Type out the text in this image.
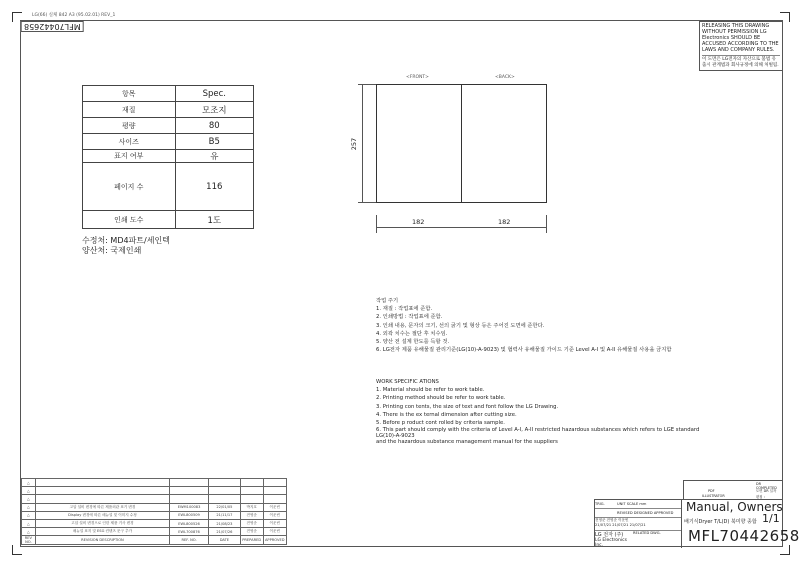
LG(66) 실체 842 A3 (95.02.01) REV_1
MFL70442658	RELEASING THIS DRAWING WITHOUT PERMISSION LG Electronics SHOULD BE ACCUSED ACCORDING TO THE LAWS AND COMPANY RULES.
이 도면은 LG전자의 자산으로 불법 유출시 관계법과 회사규정에 의해 처벌됨.
항목	Spec.
재질	모조지
평량	80
사이즈	B5
표지 여부	유
페이지 수	116
인쇄 도수	1도
수정처: MD4파트/세인텍
양산처: 국제인쇄
<FRONT>	<BACK>
257
182	182
작업 주기
1. 재질 : 작업표에 준함.
2. 인쇄방법 : 작업표에 준함.
3. 인쇄 내용, 문자의 크기, 선의 굵기 및 형상 등은 주어진 도면에 준한다.
4. 외곽 치수는 절단 후 치수임.
5. 양산 전 설계 한도를 득할 것.
6. LG전자 제품 유해물질 관리기준(LG(10)-A-9023) 및 협력사 유해물질 가이드 기준 Level A-I 및 A-II 유해물질 사용을 금지함
WORK SPECIFIC ATIONS
1. Material should be refer to work table.
2. Printing method should be refer to work table.
3. Printing con tents, the size of text and font follow the LG Drawing.
4. There is the ex ternal dimension after cutting size.
5. Before p roduct cont rolled by criteria sample.
6. This part should comply with the criteria of Level A-I, A-II restricted hazardous substances which refers to LGE standard LG(10)-A-9023
and the hazardous substance management manual for the suppliers
△					
△					
△					
△	고압 설비 변경에 따른 제품외관 표기 변경	EWM100083	22/01/05	박지호	이운빈
△	Display 변경에 따른 매뉴얼 및 이미지 수정	EWL800509	21/11/17	전영준	이운빈
△	고압 설비 변경으로 인한 제품 기사 변경	EWL800526	21/08/23	전영준	이운빈
△	매뉴얼 표지 및 ESG 컨텐츠 문구 추가	EWL700876	21/07/26	전영준	이운빈
REV NO.	REVISION DESCRIPTION	REF. NO.	DATE	PREPARED	APPROVED
PDF
ILLUSTRATOR
DR COMPLETED
도면 DR 일자
편집 :
TRIG.	UNIT SCALE
mm
REVISED
DESIGNED
APPROVED
전영준 전영준 이운빈
21/07/21 21/07/21 21/07/21
LG 전자 (주)
LG Electronics Inc.
RELATED DWG.
Manual, Owners
배기식Dryer T/L(D) 북미향 종합 1/1
MFL70442658
